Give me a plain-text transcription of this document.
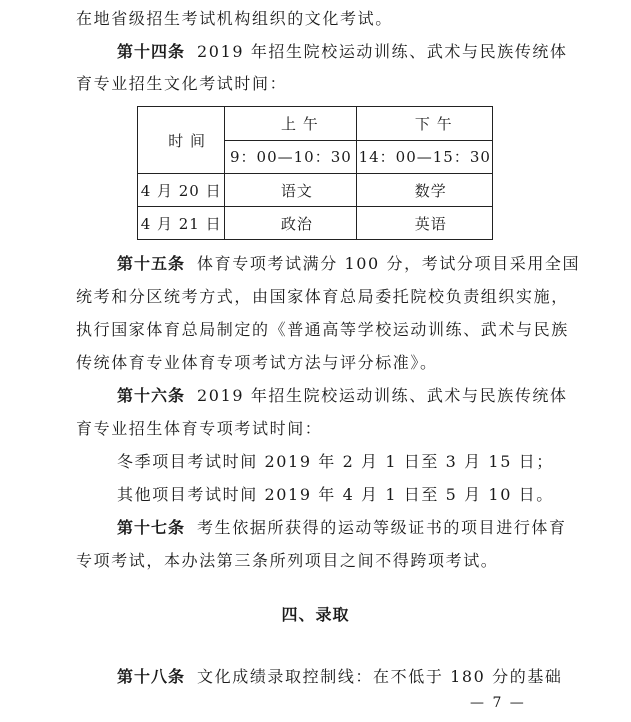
在地省级招生考试机构组织的文化考试。
第十四条 2019 年招生院校运动训练、武术与民族传统体
育专业招生文化考试时间：
时 间	上 午	下 午
	9：00—10：30	14：00—15：30
4 月 20 日	语文	数学
4 月 21 日	政治	英语
第十五条 体育专项考试满分 100 分，考试分项目采用全国
统考和分区统考方式，由国家体育总局委托院校负责组织实施，
执行国家体育总局制定的《普通高等学校运动训练、武术与民族
传统体育专业体育专项考试方法与评分标准》。
第十六条 2019 年招生院校运动训练、武术与民族传统体
育专业招生体育专项考试时间：
冬季项目考试时间 2019 年 2 月 1 日至 3 月 15 日；
其他项目考试时间 2019 年 4 月 1 日至 5 月 10 日。
第十七条 考生依据所获得的运动等级证书的项目进行体育
专项考试，本办法第三条所列项目之间不得跨项考试。
四、录取
第十八条 文化成绩录取控制线：在不低于 180 分的基础
— 7 —
